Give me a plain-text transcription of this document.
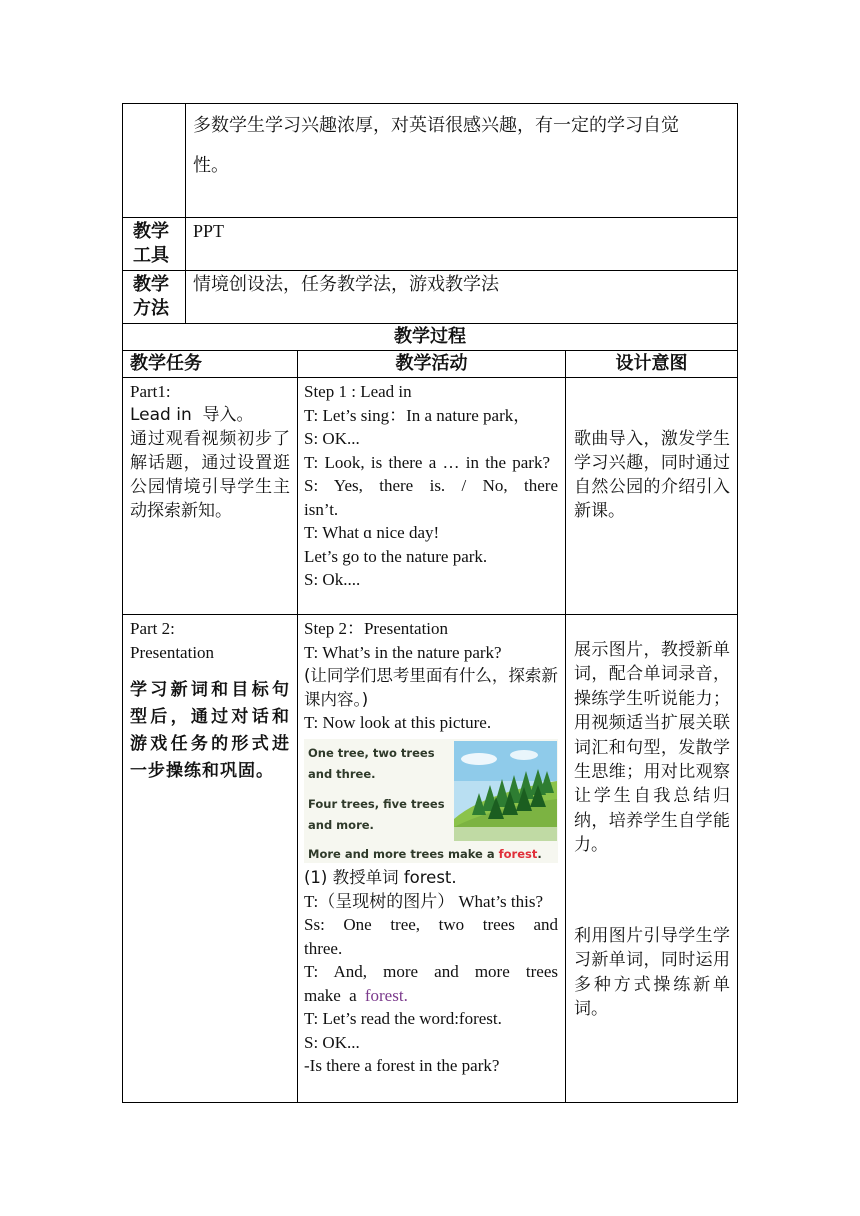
多数学生学习兴趣浓厚，对英语很感兴趣，有一定的学习自觉

性。

教学
工具
PPT
教学
方法
情境创设法，任务教学法，游戏教学法
教学过程
教学任务	教学活动	设计意图
Part1:
Lead in  导入。
通过观看视频初步了解话题，通过设置逛公园情境引导学生主动探索新知。
Step 1 : Lead in
T: Let’s sing：In a nature park，
S: OK...
T: Look, is there a … in the park?
S: Yes, there is. / No, there isn’t.
T: What ɑ nice day!
Let’s go to the nature park.
S: Ok....
歌曲导入，激发学生学习兴趣，同时通过自然公园的介绍引入新课。
Part 2:
Presentation
学习新词和目标句型后，通过对话和游戏任务的形式进一步操练和巩固。
Step 2：Presentation
T: What’s in the nature park?
(让同学们思考里面有什么，探索新课内容。)
T: Now look at this picture.
One tree, two trees
and three.
Four trees, five trees
and more.
More and more trees make a forest.
(1) 教授单词 forest.
T:（呈现树的图片） What’s this?
Ss: One tree, two trees and three.
T: And, more and more trees make a forest.
T: Let’s read the word:forest.
S: OK...
-Is there a forest in the park?
展示图片，教授新单词，配合单词录音，操练学生听说能力；用视频适当扩展关联词汇和句型，发散学生思维；用对比观察让学生自我总结归纳，培养学生自学能力。
利用图片引导学生学习新单词，同时运用多种方式操练新单词。
